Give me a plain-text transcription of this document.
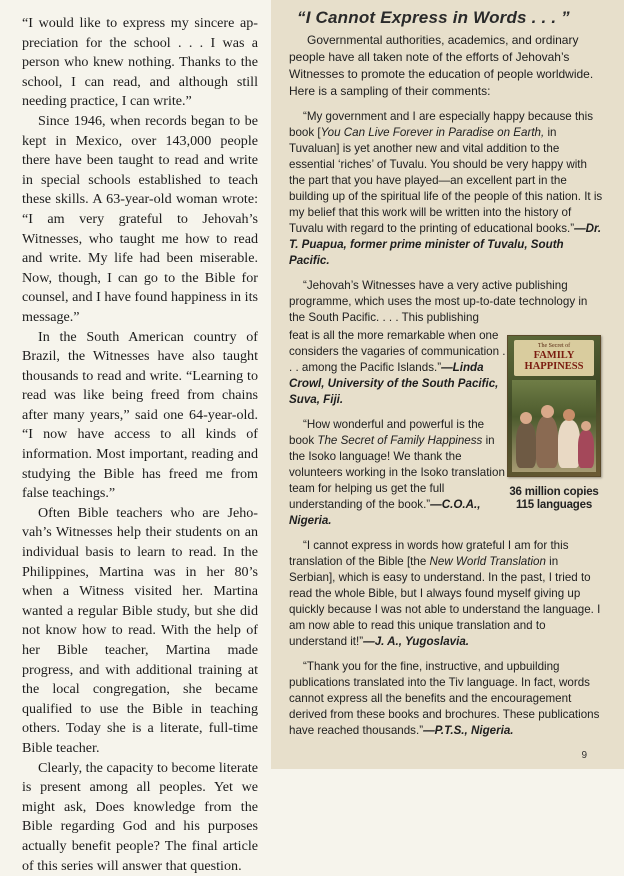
“I would like to express my sincere appreciation for the school . . . I was a person who knew nothing. Thanks to the school, I can read, and although still needing practice, I can write.”

Since 1946, when records began to be kept in Mexico, over 143,000 people there have been taught to read and write in special schools established to teach these skills. A 63-year-old woman wrote: “I am very grateful to Jehovah’s Witnesses, who taught me how to read and write. My life had been miserable. Now, though, I can go to the Bible for counsel, and I have found happiness in its message.”

In the South American country of Brazil, the Witnesses have also taught thousands to read and write. “Learning to read was like being freed from chains after many years,” said one 64-year-old. “I now have access to all kinds of information. Most important, reading and studying the Bible has freed me from false teachings.”

Often Bible teachers who are Jehovah’s Witnesses help their students on an individual basis to learn to read. In the Philippines, Martina was in her 80’s when a Witness visited her. Martina wanted a regular Bible study, but she did not know how to read. With the help of her Bible teacher, Martina made progress, and with additional training at the local congregation, she became qualified to use the Bible in teaching others. Today she is a literate, full-time Bible teacher.

Clearly, the capacity to become literate is present among all peoples. Yet we might ask, Does knowledge from the Bible regarding God and his purposes actually benefit people? The final article of this series will answer that question.

“I Cannot Express in Words . . . ”

Governmental authorities, academics, and ordinary people have all taken note of the efforts of Jehovah’s Witnesses to promote the education of people worldwide. Here is a sampling of their comments:

“My government and I are especially happy because this book [You Can Live Forever in Paradise on Earth, in Tuvaluan] is yet another new and vital addition to the essential ‘riches’ of Tuvalu. You should be very happy with the part that you have played—an excellent part in the building up of the spiritual life of the people of this nation. It is my belief that this work will be written into the history of Tuvalu with regard to the printing of educational books.”—Dr. T. Puapua, former prime minister of Tuvalu, South Pacific.

“Jehovah’s Witnesses have a very active publishing programme, which uses the most up-to-date technology in the South Pacific. . . . This publishing

feat is all the more remarkable when one considers the vagaries of communication . . . among the Pacific Islands.”—Linda Crowl, University of the South Pacific, Suva, Fiji.

“How wonderful and powerful is the book The Secret of Family Happiness in the Isoko language! We thank the volunteers working in the Isoko translation team for helping us get the full understanding of the book.”—C.O.A., Nigeria.

“I cannot express in words how grateful I am for this translation of the Bible [the New World Translation in Serbian], which is easy to understand. In the past, I tried to read the whole Bible, but I always found myself giving up quickly because I was not able to understand the language. I am now able to read this unique translation and to understand it!”—J. A., Yugoslavia.

“Thank you for the fine, instructive, and upbuilding publications translated into the Tiv language. In fact, words cannot express all the benefits and the encouragement derived from these books and brochures. These publications have reached thousands.”—P.T.S., Nigeria.

The Secret of
FAMILY
HAPPINESS
36 million copies
115 languages
9
